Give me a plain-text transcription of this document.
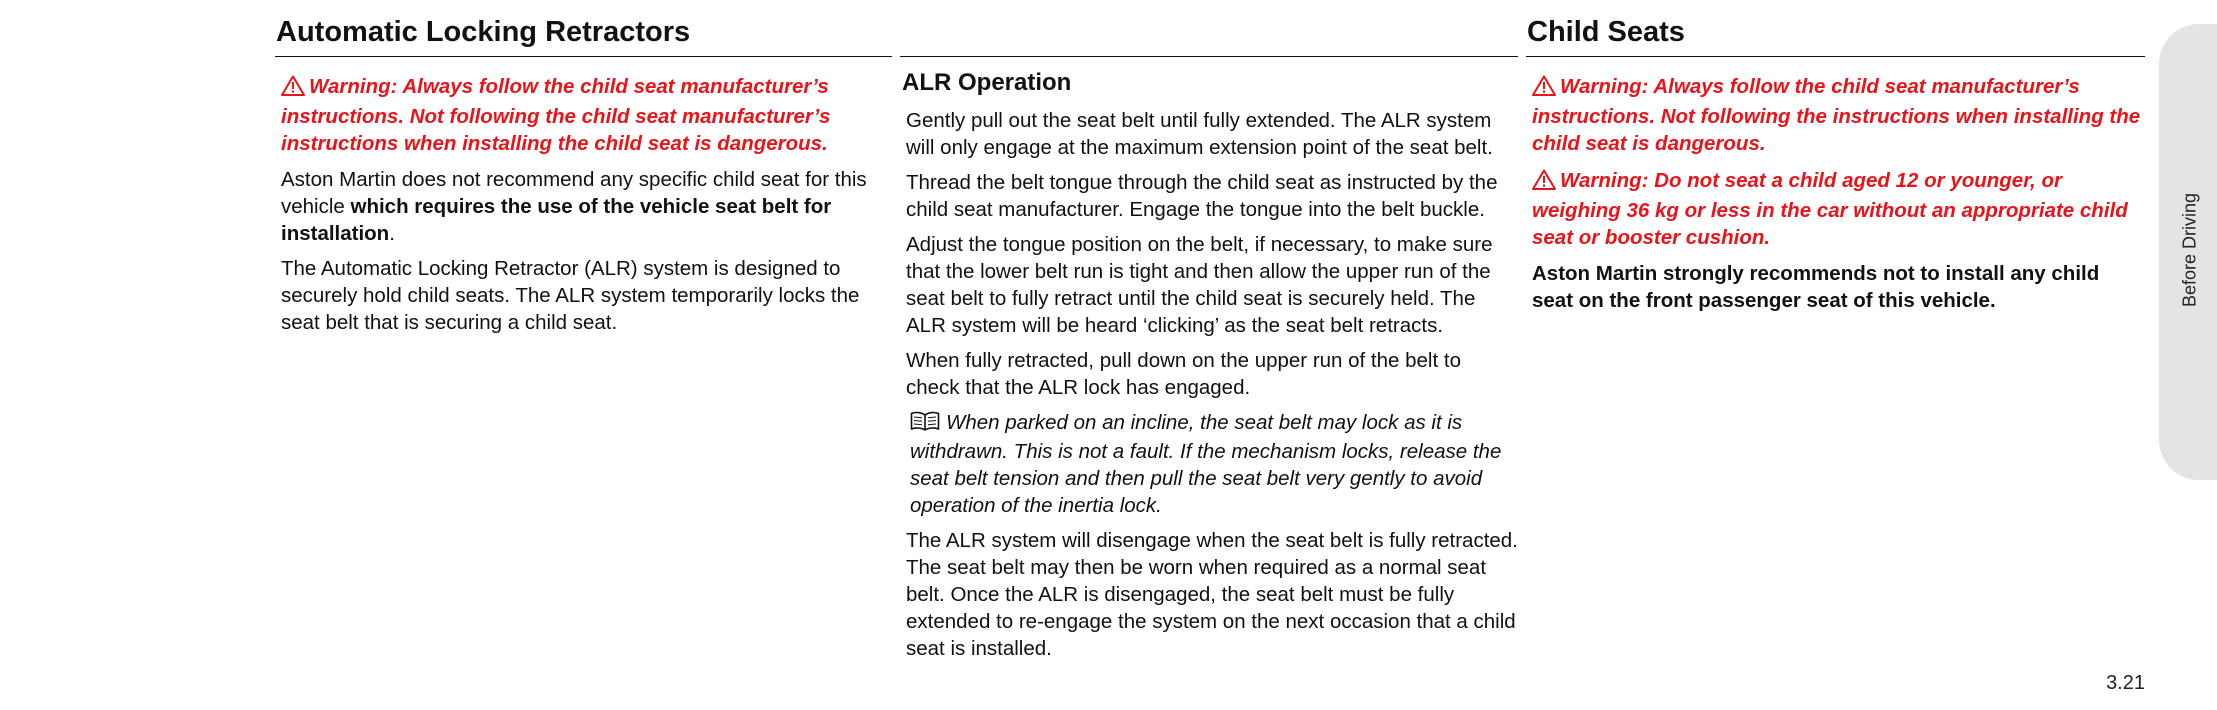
Automatic Locking Retractors

Warning: Always follow the child seat manufacturer’s instructions. Not following the child seat manufacturer’s instructions when installing the child seat is dangerous.

Aston Martin does not recommend any specific child seat for this vehicle which requires the use of the vehicle seat belt for installation.

The Automatic Locking Retractor (ALR) system is designed to securely hold child seats. The ALR system temporarily locks the seat belt that is securing a child seat.

ALR Operation

Gently pull out the seat belt until fully extended. The ALR system will only engage at the maximum extension point of the seat belt.

Thread the belt tongue through the child seat as instructed by the child seat manufacturer. Engage the tongue into the belt buckle.

Adjust the tongue position on the belt, if necessary, to make sure that the lower belt run is tight and then allow the upper run of the seat belt to fully retract until the child seat is securely held. The ALR system will be heard ‘clicking’ as the seat belt retracts.

When fully retracted, pull down on the upper run of the belt to check that the ALR lock has engaged.

When parked on an incline, the seat belt may lock as it is withdrawn. This is not a fault. If the mechanism locks, release the seat belt tension and then pull the seat belt very gently to avoid operation of the inertia lock.

The ALR system will disengage when the seat belt is fully retracted. The seat belt may then be worn when required as a normal seat belt. Once the ALR is disengaged, the seat belt must be fully extended to re-engage the system on the next occasion that a child seat is installed.

Child Seats

Warning: Always follow the child seat manufacturer’s instructions. Not following the instructions when installing the child seat is dangerous.

Warning: Do not seat a child aged 12 or younger, or weighing 36 kg or less in the car without an appropriate child seat or booster cushion.

Aston Martin strongly recommends not to install any child seat on the front passenger seat of this vehicle.	Before Driving
3.21
